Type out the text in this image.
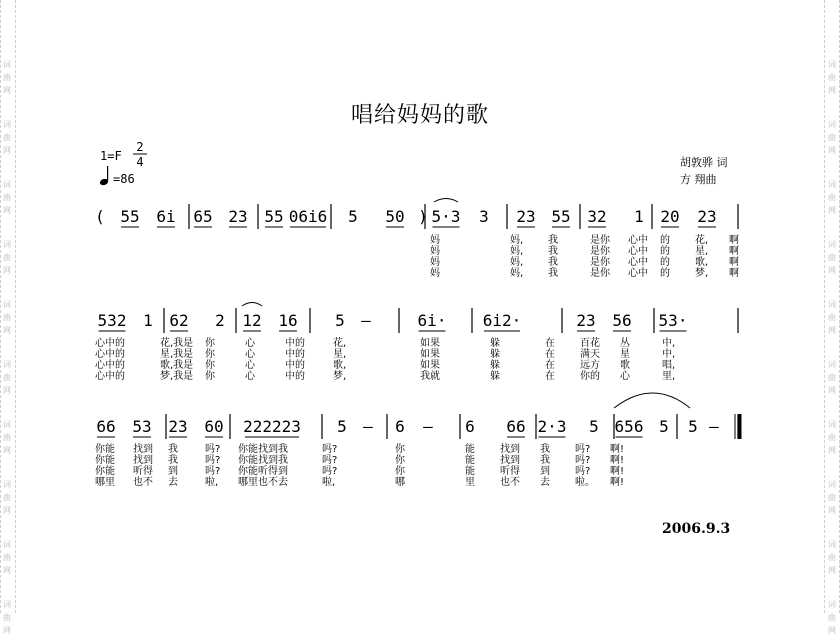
词
曲
网
词
曲
网
词
曲
网
词
曲
网
词
曲
网
词
曲
网
词
曲
网
词
曲
网
词
曲
网
词
曲
网
词
曲
网
词
曲
网
词
曲
网
词
曲
网
词
曲
网
词
曲
网
词
曲
网
词
曲
网
词
曲
网
词
曲
网
唱给妈妈的歌
1=F
2
4
=86
胡敦骅 词
方 翔曲
( 55 6i 65 23 55 06i6 5 50 ) 5·3 3 23 55 32 1 20 23
妈	妈, 我	是你 心中 的	花, 啊
妈	妈, 我	是你 心中 的	星, 啊
妈	妈, 我	是你 心中 的	歌, 啊
妈	妈, 我	是你 心中 的	梦, 啊
532 1 62 2 12 16 5 –	6i· 6i2·	23 56 53·
心中的	花,我是 你	心	中的	花,	如果	躲	在	百花 丛	中,
心中的	星,我是 你	心	中的	星,	如果	躲	在	满天 星	中,
心中的	歌,我是 你	心	中的	歌,	如果	躲	在	远方 歌	唱,
心中的	梦,我是 你	心	中的	梦,	我就	躲	在	你的 心	里,
66 53 23 60 222223 5 – 6 – 6 66 2·3 5 656 5 5 –
你能 找到 我	吗? 你能找到我	吗?	你	能	找到 我	吗? 啊!
你能 找到 我	吗? 你能找到我	吗?	你	能	找到 我	吗? 啊!
你能 听得 到	吗? 你能听得到	吗?	你	能	听得 到	吗? 啊!
哪里 也不 去	啦, 哪里也不去	啦,	哪	里	也不 去	啦。 啊!
2006.9.3
